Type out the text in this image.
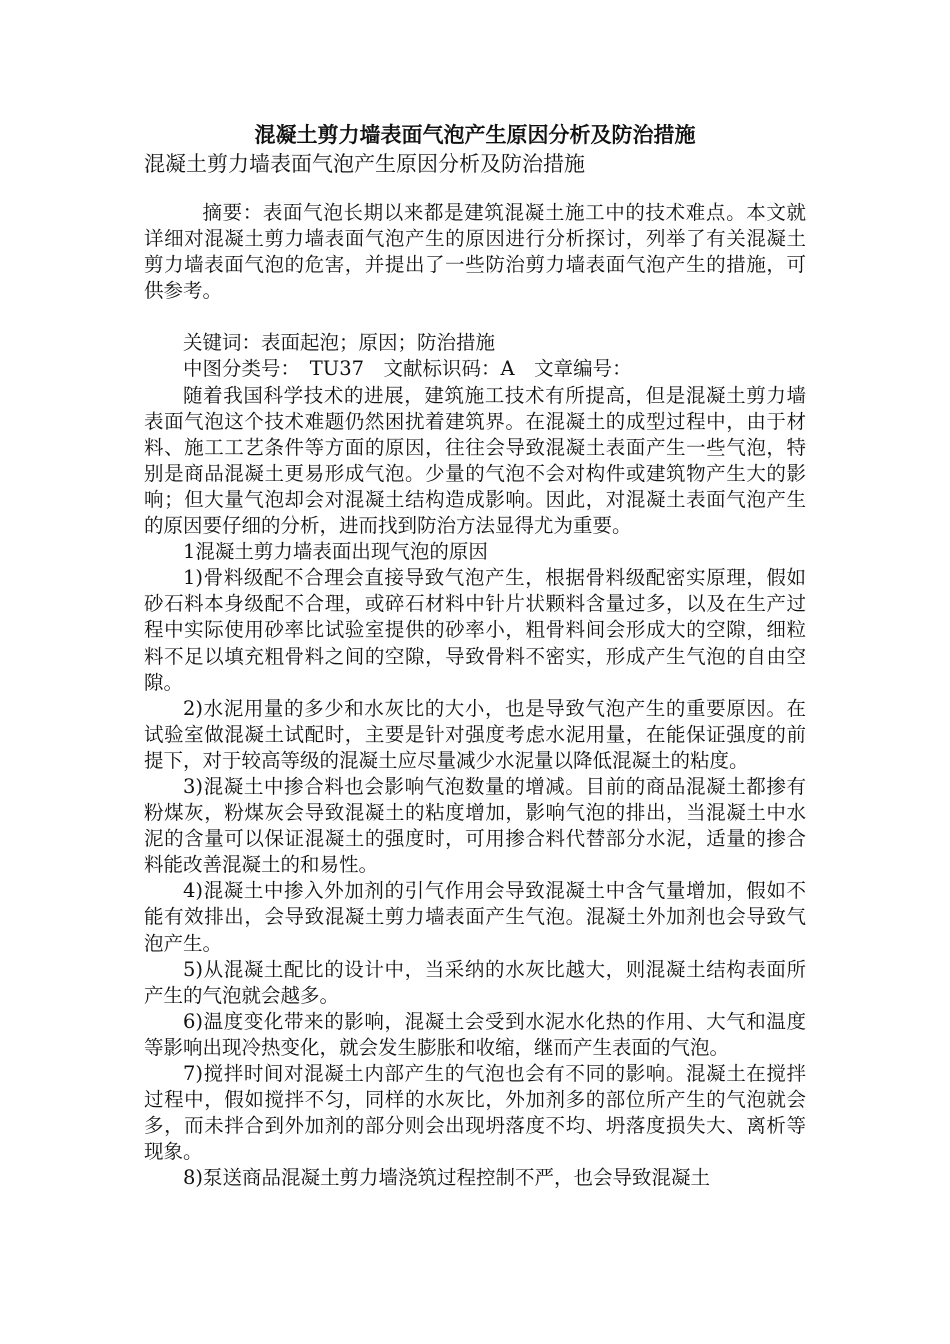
混凝土剪力墙表面气泡产生原因分析及防治措施
混凝土剪力墙表面气泡产生原因分析及防治措施

摘要：表面气泡长期以来都是建筑混凝土施工中的技术难点。本文就详细对混凝土剪力墙表面气泡产生的原因进行分析探讨，列举了有关混凝土剪力墙表面气泡的危害，并提出了一些防治剪力墙表面气泡产生的措施，可供参考。

关键词：表面起泡；原因；防治措施

中图分类号：　TU37　文献标识码：A　文章编号：

随着我国科学技术的进展，建筑施工技术有所提高，但是混凝土剪力墙表面气泡这个技术难题仍然困扰着建筑界。在混凝土的成型过程中，由于材料、施工工艺条件等方面的原因，往往会导致混凝土表面产生一些气泡，特别是商品混凝土更易形成气泡。少量的气泡不会对构件或建筑物产生大的影响；但大量气泡却会对混凝土结构造成影响。因此，对混凝土表面气泡产生的原因要仔细的分析，进而找到防治方法显得尤为重要。

1混凝土剪力墙表面出现气泡的原因

1)骨料级配不合理会直接导致气泡产生，根据骨料级配密实原理，假如砂石料本身级配不合理，或碎石材料中针片状颗料含量过多，以及在生产过程中实际使用砂率比试验室提供的砂率小，粗骨料间会形成大的空隙，细粒料不足以填充粗骨料之间的空隙，导致骨料不密实，形成产生气泡的自由空隙。

2)水泥用量的多少和水灰比的大小，也是导致气泡产生的重要原因。在试验室做混凝土试配时，主要是针对强度考虑水泥用量，在能保证强度的前提下，对于较高等级的混凝土应尽量减少水泥量以降低混凝土的粘度。

3)混凝土中掺合料也会影响气泡数量的增减。目前的商品混凝土都掺有粉煤灰，粉煤灰会导致混凝土的粘度增加，影响气泡的排出，当混凝土中水泥的含量可以保证混凝土的强度时，可用掺合料代替部分水泥，适量的掺合料能改善混凝土的和易性。

4)混凝土中掺入外加剂的引气作用会导致混凝土中含气量增加，假如不能有效排出，会导致混凝土剪力墙表面产生气泡。混凝土外加剂也会导致气泡产生。

5)从混凝土配比的设计中，当采纳的水灰比越大，则混凝土结构表面所产生的气泡就会越多。

6)温度变化带来的影响，混凝土会受到水泥水化热的作用、大气和温度等影响出现冷热变化，就会发生膨胀和收缩，继而产生表面的气泡。

7)搅拌时间对混凝土内部产生的气泡也会有不同的影响。混凝土在搅拌过程中，假如搅拌不匀，同样的水灰比，外加剂多的部位所产生的气泡就会多，而未拌合到外加剂的部分则会出现坍落度不均、坍落度损失大、离析等现象。

8)泵送商品混凝土剪力墙浇筑过程控制不严，也会导致混凝土
